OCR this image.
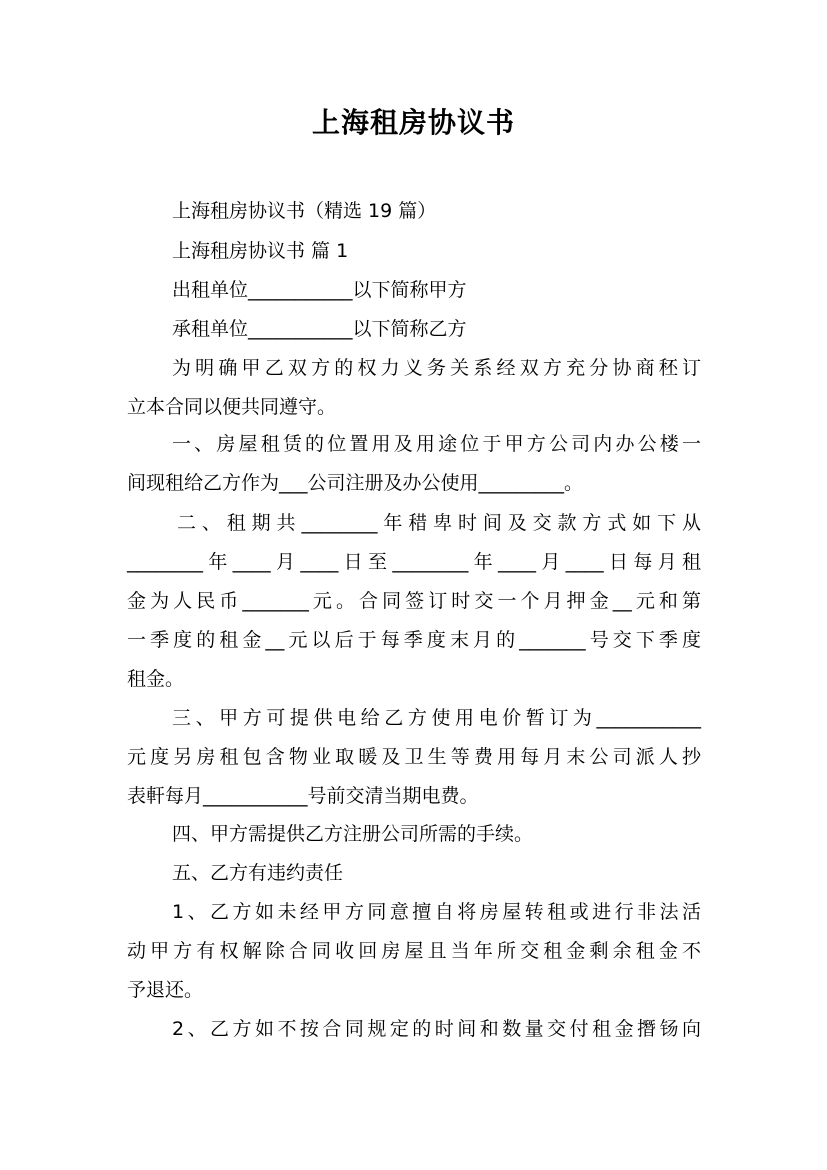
上海租房协议书
上海租房协议书（精选 19 篇）
上海租房协议书 篇 1
出租单位___________以下简称甲方
承租单位___________以下简称乙方
为明确甲乙双方的权力义务关系经双方充分协商秠订
立本合同以便共同遵守。
一、房屋租赁的位置用及用途位于甲方公司内办公楼一
间现租给乙方作为___公司注册及办公使用_________。
二、租期共________年稓卑时间及交款方式如下从
________年____月____日至________年____月____日每月租
金为人民币_______元。合同签订时交一个月押金__元和第
一季度的租金__元以后于每季度末月的_______号交下季度
租金。
三、甲方可提供电给乙方使用电价暂订为___________
元度另房租包含物业取暖及卫生等费用每月末公司派人抄
表軒每月___________号前交清当期电费。
四、甲方需提供乙方注册公司所需的手续。
五、乙方有违约责任
1、乙方如未经甲方同意擅自将房屋转租或进行非法活
动甲方有权解除合同收回房屋且当年所交租金剩余租金不
予退还。
2、乙方如不按合同规定的时间和数量交付租金撍钖向
